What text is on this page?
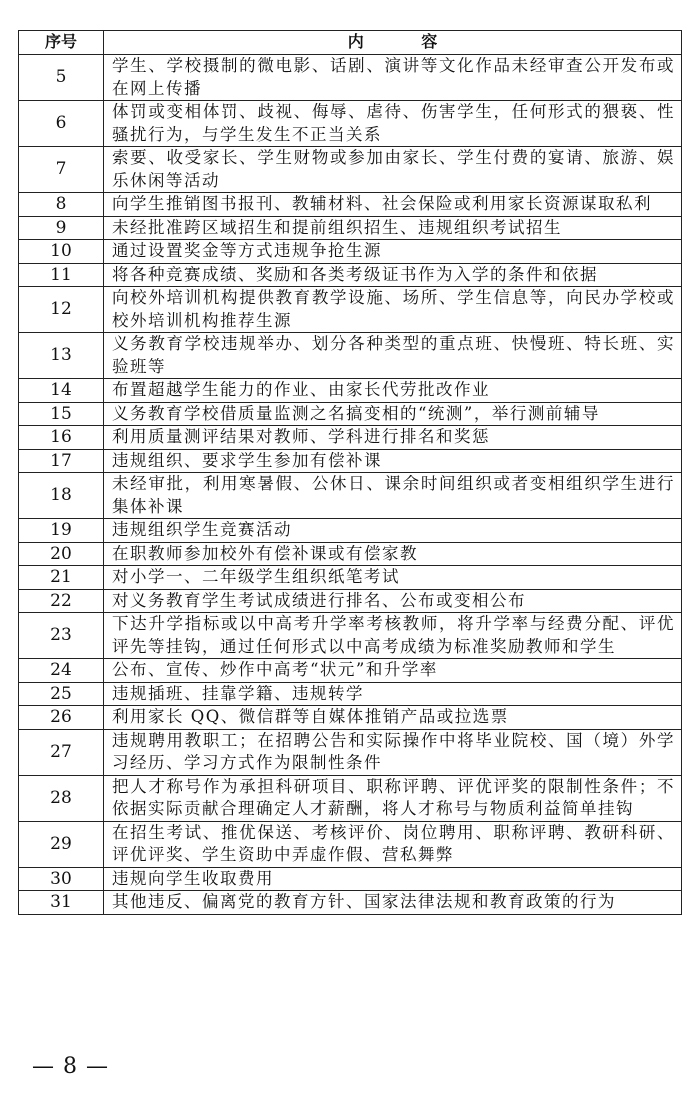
序号	内 容
5	学生、学校摄制的微电影、话剧、演讲等文化作品未经审查公开发布或在网上传播
6	体罚或变相体罚、歧视、侮辱、虐待、伤害学生，任何形式的猥亵、性骚扰行为，与学生发生不正当关系
7	索要、收受家长、学生财物或参加由家长、学生付费的宴请、旅游、娱乐休闲等活动
8	向学生推销图书报刊、教辅材料、社会保险或利用家长资源谋取私利
9	未经批准跨区域招生和提前组织招生、违规组织考试招生
10	通过设置奖金等方式违规争抢生源
11	将各种竞赛成绩、奖励和各类考级证书作为入学的条件和依据
12	向校外培训机构提供教育教学设施、场所、学生信息等，向民办学校或校外培训机构推荐生源
13	义务教育学校违规举办、划分各种类型的重点班、快慢班、特长班、实验班等
14	布置超越学生能力的作业、由家长代劳批改作业
15	义务教育学校借质量监测之名搞变相的“统测”，举行测前辅导
16	利用质量测评结果对教师、学科进行排名和奖惩
17	违规组织、要求学生参加有偿补课
18	未经审批，利用寒暑假、公休日、课余时间组织或者变相组织学生进行集体补课
19	违规组织学生竞赛活动
20	在职教师参加校外有偿补课或有偿家教
21	对小学一、二年级学生组织纸笔考试
22	对义务教育学生考试成绩进行排名、公布或变相公布
23	下达升学指标或以中高考升学率考核教师，将升学率与经费分配、评优评先等挂钩，通过任何形式以中高考成绩为标准奖励教师和学生
24	公布、宣传、炒作中高考“状元”和升学率
25	违规插班、挂靠学籍、违规转学
26	利用家长 QQ、微信群等自媒体推销产品或拉选票
27	违规聘用教职工；在招聘公告和实际操作中将毕业院校、国（境）外学习经历、学习方式作为限制性条件
28	把人才称号作为承担科研项目、职称评聘、评优评奖的限制性条件；不依据实际贡献合理确定人才薪酬，将人才称号与物质利益简单挂钩
29	在招生考试、推优保送、考核评价、岗位聘用、职称评聘、教研科研、评优评奖、学生资助中弄虚作假、营私舞弊
30	违规向学生收取费用
31	其他违反、偏离党的教育方针、国家法律法规和教育政策的行为
— 8 —
